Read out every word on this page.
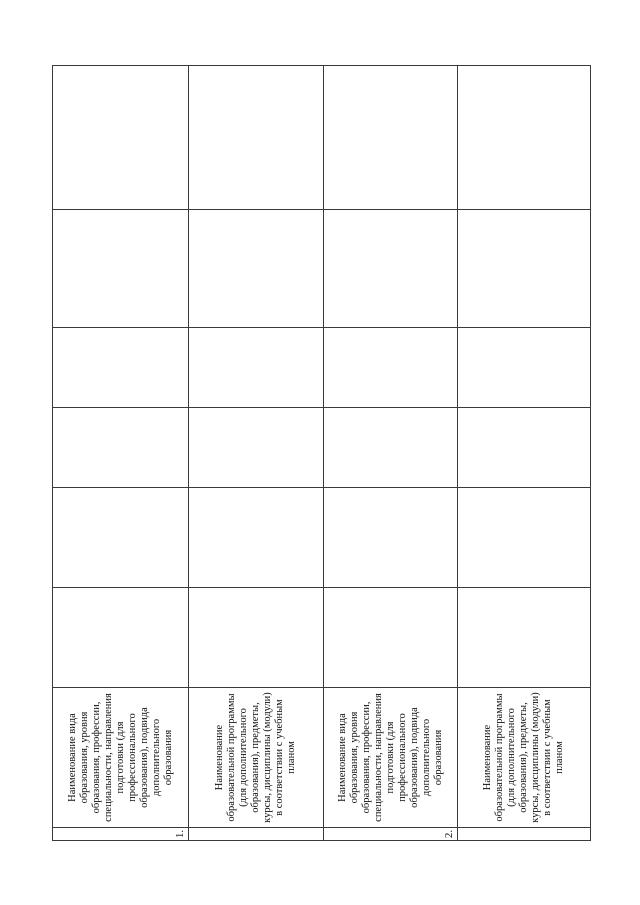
1.	Наименование вида образования, уровня образования, профессии, специальности, направления подготовки (для профессионального образования), подвида дополнительного образования						
	Наименование образовательной программы (для дополнительного образования), предметы, курсы, дисциплины (модули) в соответствии с учебным планом						
2.	Наименование вида образования, уровня образования, профессии, специальности, направления подготовки (для профессионального образования), подвида дополнительного образования						
	Наименование образовательной программы (для дополнительного образования), предметы, курсы, дисциплины (модули) в соответствии с учебным планом						
